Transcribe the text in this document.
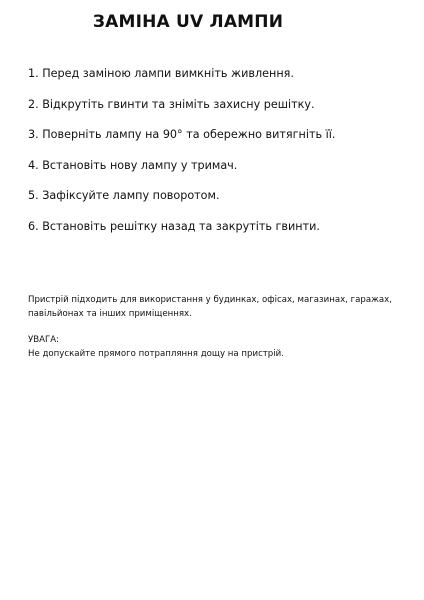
ЗАМІНА UV ЛАМПИ
1. Перед заміною лампи вимкніть живлення.
2. Відкрутіть гвинти та зніміть захисну решітку.
3. Поверніть лампу на 90° та обережно витягніть її.
4. Встановіть нову лампу у тримач.
5. Зафіксуйте лампу поворотом.
6. Встановіть решітку назад та закрутіть гвинти.

Пристрій підходить для використання у будинках, офісах, магазинах, гаражах, павільйонах та інших приміщеннях.

УВАГА:
Не допускайте прямого потрапляння дощу на пристрій.
